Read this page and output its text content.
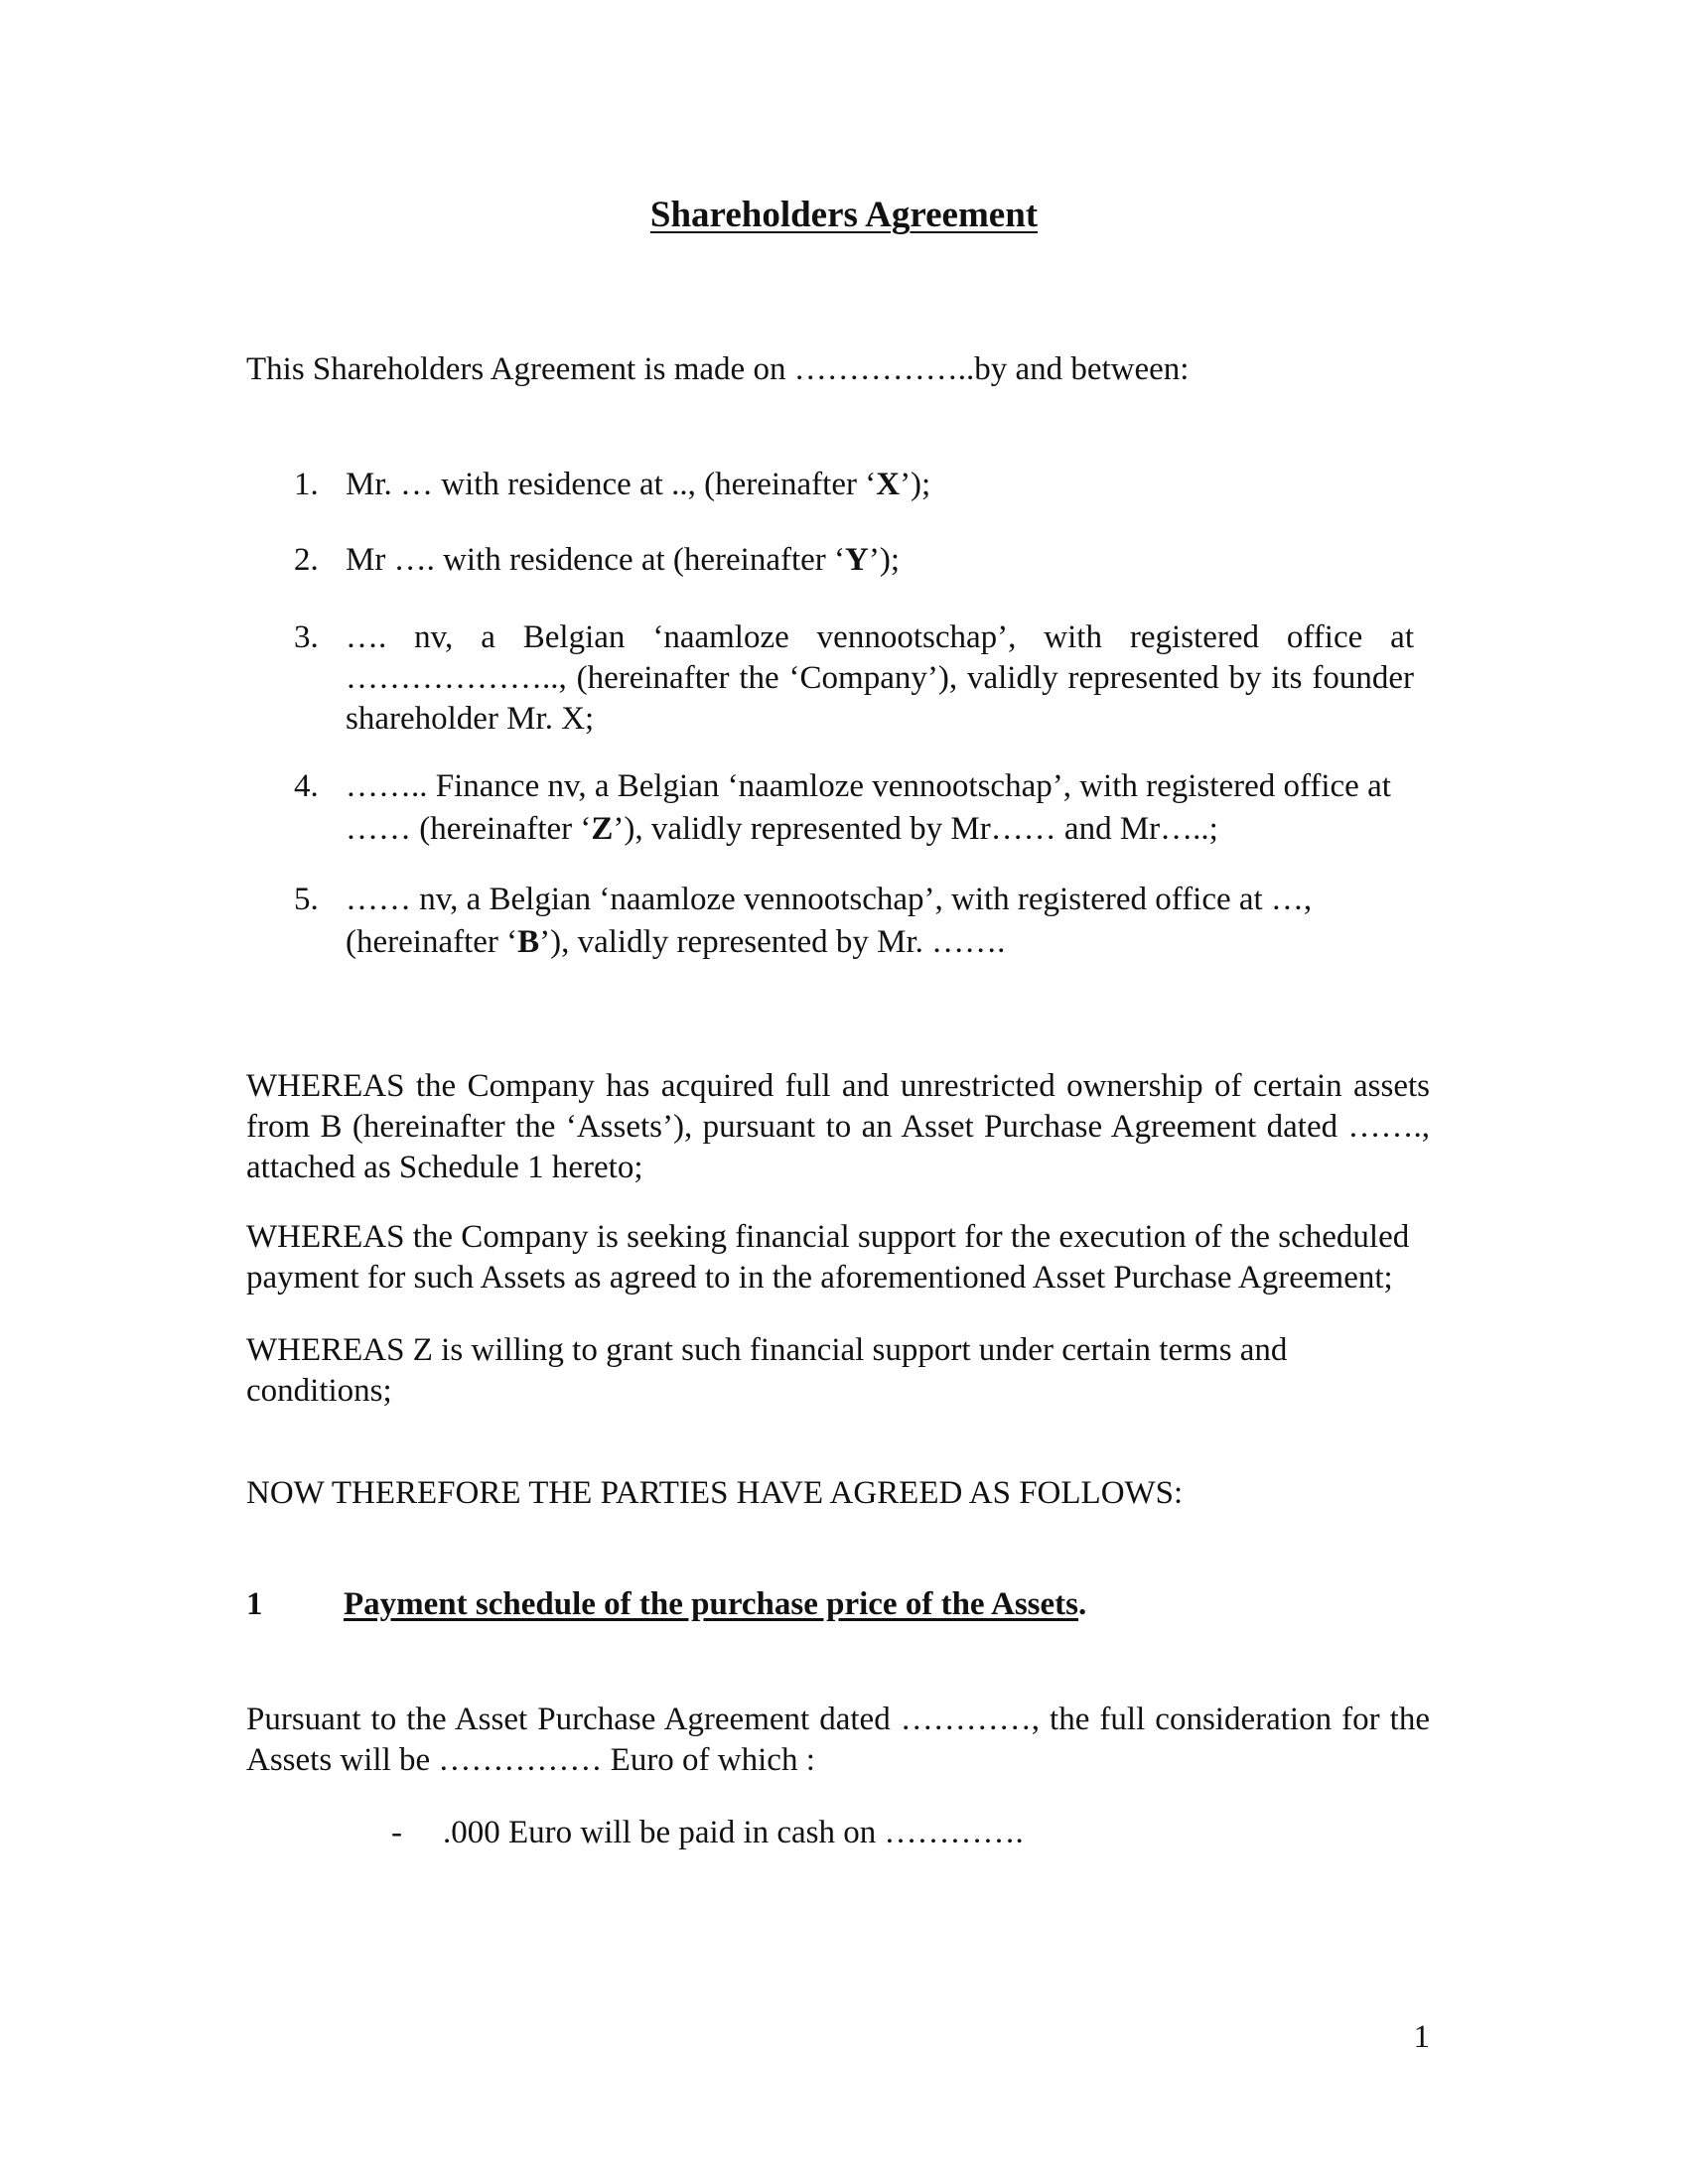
Shareholders Agreement
This Shareholders Agreement is made on ……………..by and between:
1. Mr. … with residence at .., (hereinafter ‘X’);
2. Mr …. with residence at (hereinafter ‘Y’);
3. …. nv, a Belgian ‘naamloze vennootschap’, with registered office at
……………….., (hereinafter the ‘Company’), validly represented by its founder
shareholder Mr. X;
4. …….. Finance nv, a Belgian ‘naamloze vennootschap’, with registered office at
…… (hereinafter ‘Z’), validly represented by Mr…… and Mr…..;
5. …… nv, a Belgian ‘naamloze vennootschap’, with registered office at …,
(hereinafter ‘B’), validly represented by Mr. …….
WHEREAS the Company has acquired full and unrestricted ownership of certain assets
from B (hereinafter the ‘Assets’), pursuant to an Asset Purchase Agreement dated …….,
attached as Schedule 1 hereto;
WHEREAS the Company is seeking financial support for the execution of the scheduled
payment for such Assets as agreed to in the aforementioned Asset Purchase Agreement;
WHEREAS Z is willing to grant such financial support under certain terms and
conditions;
NOW THEREFORE THE PARTIES HAVE AGREED AS FOLLOWS:
1 Payment schedule of the purchase price of the Assets .
Pursuant to the Asset Purchase Agreement dated …………, the full consideration for the
Assets will be …………… Euro of which :
- .000 Euro will be paid in cash on ………….
1
